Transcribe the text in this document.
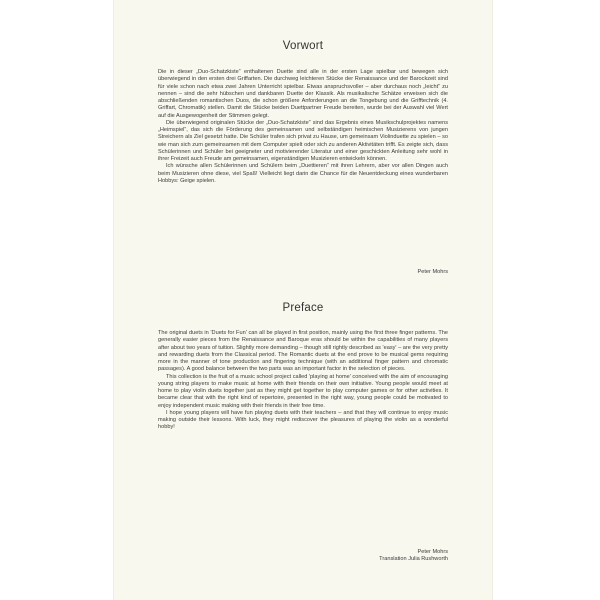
Vorwort

Die in dieser „Duo-Schatzkiste“ enthaltenen Duette sind alle in der ersten Lage spielbar und bewegen sich überwiegend in den ersten drei Griffarten. Die durchweg leichteren Stücke der Renaissance und der Barockzeit sind für viele schon nach etwa zwei Jahren Unterricht spielbar. Etwas anspruchsvoller – aber durchaus noch „leicht“ zu nennen – sind die sehr hübschen und dankbaren Duette der Klassik. Als musikalische Schätze erweisen sich die abschließenden romantischen Duos, die schon größere Anforderungen an die Tongebung und die Grifftechnik (4. Griffart, Chromatik) stellen. Damit die Stücke beiden Duettpartner Freude bereiten, wurde bei der Auswahl viel Wert auf die Ausgewogenheit der Stimmen gelegt.

Die überwiegend originalen Stücke der „Duo-Schatzkiste“ sind das Ergebnis eines Musikschulprojektes namens „Heimspiel“, das sich die Förderung des gemeinsamen und selbständigen heimischen Musizierens von jungen Streichern als Ziel gesetzt hatte. Die Schüler trafen sich privat zu Hause, um gemeinsam Violinduette zu spielen – so wie man sich zum gemeinsamen mit dem Computer spielt oder sich zu anderen Aktivitäten trifft. Es zeigte sich, dass Schülerinnen und Schüler bei geeigneter und motivierender Literatur und einer geschickten Anleitung sehr wohl in ihrer Freizeit auch Freude am gemeinsamen, eigenständigen Musizieren entwickeln können.

Ich wünsche allen Schülerinnen und Schülern beim „Duettieren“ mit ihren Lehrern, aber vor allen Dingen auch beim Musizieren ohne diese, viel Spaß! Vielleicht liegt darin die Chance für die Neuentdeckung eines wunderbaren Hobbys: Geige spielen.

Peter Mohrs
Preface

The original duets in 'Duets for Fun' can all be played in first position, mainly using the first three finger patterns. The generally easier pieces from the Renaissance and Baroque eras should be within the capabilities of many players after about two years of tuition. Slightly more demanding – though still rightly described as 'easy' – are the very pretty and rewarding duets from the Classical period. The Romantic duets at the end prove to be musical gems requiring more in the manner of tone production and fingering technique (with an additional finger pattern and chromatic passages). A good balance between the two parts was an important factor in the selection of pieces.

This collection is the fruit of a music school project called 'playing at home' conceived with the aim of encouraging young string players to make music at home with their friends on their own initiative. Young people would meet at home to play violin duets together just as they might get together to play computer games or for other activities. It became clear that with the right kind of repertoire, presented in the right way, young people could be motivated to enjoy independent music making with their friends in their free time.

I hope young players will have fun playing duets with their teachers – and that they will continue to enjoy music making outside their lessons. With luck, they might rediscover the pleasures of playing the violin as a wonderful hobby!

Peter Mohrs
Translation Julia Rushworth
